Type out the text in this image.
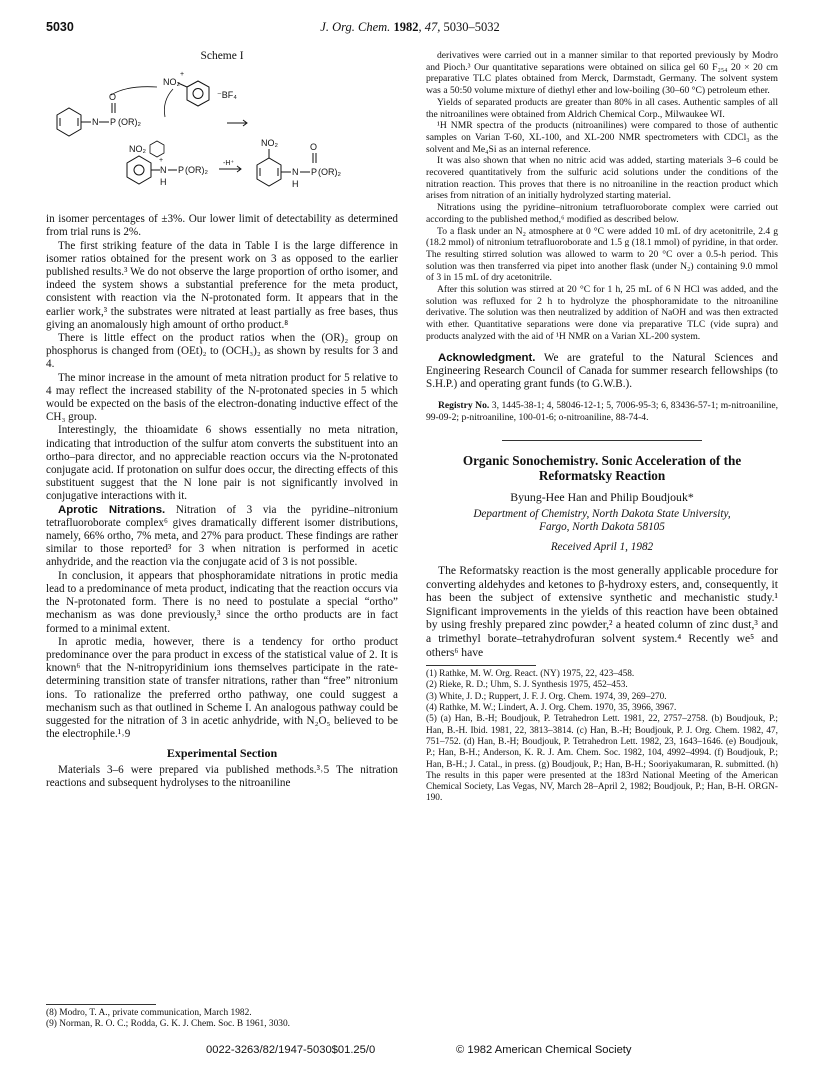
5030	J. Org. Chem. 1982, 47, 5030–5032
Scheme I
NO₂
+
⁻BF₄
N P (OR)₂
O
NO₂
N
H
P (OR)₂
+	-H⁺
NO₂
N
H
P (OR)₂
O

in isomer percentages of ±3%. Our lower limit of detectability as determined from trial runs is 2%.

The first striking feature of the data in Table I is the large difference in isomer ratios obtained for the present work on 3 as opposed to the earlier published results.³ We do not observe the large proportion of ortho isomer, and indeed the system shows a substantial preference for the meta product, consistent with reaction via the N-protonated form. It appears that in the earlier work,³ the substrates were nitrated at least partially as free bases, thus giving an anomalously high amount of ortho product.⁸

There is little effect on the product ratios when the (OR)₂ group on phosphorus is changed from (OEt)₂ to (OCH₃)₂ as shown by results for 3 and 4.

The minor increase in the amount of meta nitration product for 5 relative to 4 may reflect the increased stability of the N-protonated species in 5 which would be expected on the basis of the electron-donating inductive effect of the CH₃ group.

Interestingly, the thioamidate 6 shows essentially no meta nitration, indicating that introduction of the sulfur atom converts the substituent into an ortho–para director, and no appreciable reaction occurs via the N-protonated conjugate acid. If protonation on sulfur does occur, the directing effects of this substituent suggest that the N lone pair is not significantly involved in conjugative interactions with it.

Aprotic Nitrations. Nitration of 3 via the pyridine–nitronium tetrafluoroborate complex⁶ gives dramatically different isomer distributions, namely, 66% ortho, 7% meta, and 27% para product. These findings are rather similar to those reported³ for 3 when nitration is performed in acetic anhydride, and the reaction via the conjugate acid of 3 is not possible.

In conclusion, it appears that phosphoramidate nitrations in protic media lead to a predominance of meta product, indicating that the reaction occurs via the N-protonated form. There is no need to postulate a special “ortho” mechanism as was done previously,³ since the ortho products are in fact formed to a minimal extent.

In aprotic media, however, there is a tendency for ortho product predominance over the para product in excess of the statistical value of 2. It is known⁶ that the N-nitropyridinium ions themselves participate in the rate-determining transition state of transfer nitrations, rather than “free” nitronium ions. To rationalize the preferred ortho pathway, one could suggest a mechanism such as that outlined in Scheme I. An analogous pathway could be suggested for the nitration of 3 in acetic anhydride, with N₂O₅ believed to be the electrophile.¹˒9

Experimental Section

Materials 3–6 were prepared via published methods.³˒5 The nitration reactions and subsequent hydrolyses to the nitroaniline

(8) Modro, T. A., private communication, March 1982.
(9) Norman, R. O. C.; Rodda, G. K. J. Chem. Soc. B 1961, 3030.

derivatives were carried out in a manner similar to that reported previously by Modro and Pioch.³ Our quantitative separations were obtained on silica gel 60 F₂₅₄ 20 × 20 cm preparative TLC plates obtained from Merck, Darmstadt, Germany. The solvent system was a 50:50 volume mixture of diethyl ether and low-boiling (30–60 °C) petroleum ether.

Yields of separated products are greater than 80% in all cases. Authentic samples of all the nitroanilines were obtained from Aldrich Chemical Corp., Milwaukee WI.

¹H NMR spectra of the products (nitroanilines) were compared to those of authentic samples on Varian T-60, XL-100, and XL-200 NMR spectrometers with CDCl₃ as the solvent and Me₄Si as an internal reference.

It was also shown that when no nitric acid was added, starting materials 3–6 could be recovered quantitatively from the sulfuric acid solutions under the conditions of the nitration reaction. This proves that there is no nitroaniline in the reaction product which arises from nitration of an initially hydrolyzed starting material.

Nitrations using the pyridine–nitronium tetrafluoroborate complex were carried out according to the published method,⁶ modified as described below.

To a flask under an N₂ atmosphere at 0 °C were added 10 mL of dry acetonitrile, 2.4 g (18.2 mmol) of nitronium tetrafluoroborate and 1.5 g (18.1 mmol) of pyridine, in that order. The resulting stirred solution was allowed to warm to 20 °C over a 0.5-h period. This solution was then transferred via pipet into another flask (under N₂) containing 9.0 mmol of 3 in 15 mL of dry acetonitrile.

After this solution was stirred at 20 °C for 1 h, 25 mL of 6 N HCl was added, and the solution was refluxed for 2 h to hydrolyze the phosphoramidate to the nitroaniline derivative. The solution was then neutralized by addition of NaOH and was then extracted with ether. Quantitative separations were done via preparative TLC (vide supra) and products analyzed with the aid of ¹H NMR on a Varian XL-200 system.

Acknowledgment. We are grateful to the Natural Sciences and Engineering Research Council of Canada for summer research fellowships (to S.H.P.) and operating grant funds (to G.W.B.).

Registry No. 3, 1445-38-1; 4, 58046-12-1; 5, 7006-95-3; 6, 83436-57-1; m-nitroaniline, 99-09-2; p-nitroaniline, 100-01-6; o-nitroaniline, 88-74-4.

Organic Sonochemistry. Sonic Acceleration of the Reformatsky Reaction
Byung-Hee Han and Philip Boudjouk*
Department of Chemistry, North Dakota State University,
Fargo, North Dakota 58105
Received April 1, 1982

The Reformatsky reaction is the most generally applicable procedure for converting aldehydes and ketones to β-hydroxy esters, and, consequently, it has been the subject of extensive synthetic and mechanistic study.¹ Significant improvements in the yields of this reaction have been obtained by using freshly prepared zinc powder,² a heated column of zinc dust,³ and a trimethyl borate–tetrahydrofuran solvent system.⁴ Recently we⁵ and others⁶ have

(1) Rathke, M. W. Org. React. (NY) 1975, 22, 423–458.
(2) Rieke, R. D.; Uhm, S. J. Synthesis 1975, 452–453.
(3) White, J. D.; Ruppert, J. F. J. Org. Chem. 1974, 39, 269–270.
(4) Rathke, M. W.; Lindert, A. J. Org. Chem. 1970, 35, 3966, 3967.
(5) (a) Han, B.-H; Boudjouk, P. Tetrahedron Lett. 1981, 22, 2757–2758. (b) Boudjouk, P.; Han, B.-H. Ibid. 1981, 22, 3813–3814. (c) Han, B.-H; Boudjouk, P. J. Org. Chem. 1982, 47, 751–752. (d) Han, B.-H; Boudjouk, P. Tetrahedron Lett. 1982, 23, 1643–1646. (e) Boudjouk, P.; Han, B-H.; Anderson, K. R. J. Am. Chem. Soc. 1982, 104, 4992–4994. (f) Boudjouk, P.; Han, B-H.; J. Catal., in press. (g) Boudjouk, P.; Han, B-H.; Sooriyakumaran, R. submitted. (h) The results in this paper were presented at the 183rd National Meeting of the American Chemical Society, Las Vegas, NV, March 28–April 2, 1982; Boudjouk, P.; Han, B-H. ORGN-190.
0022-3263/82/1947-5030$01.25/0	© 1982 American Chemical Society
